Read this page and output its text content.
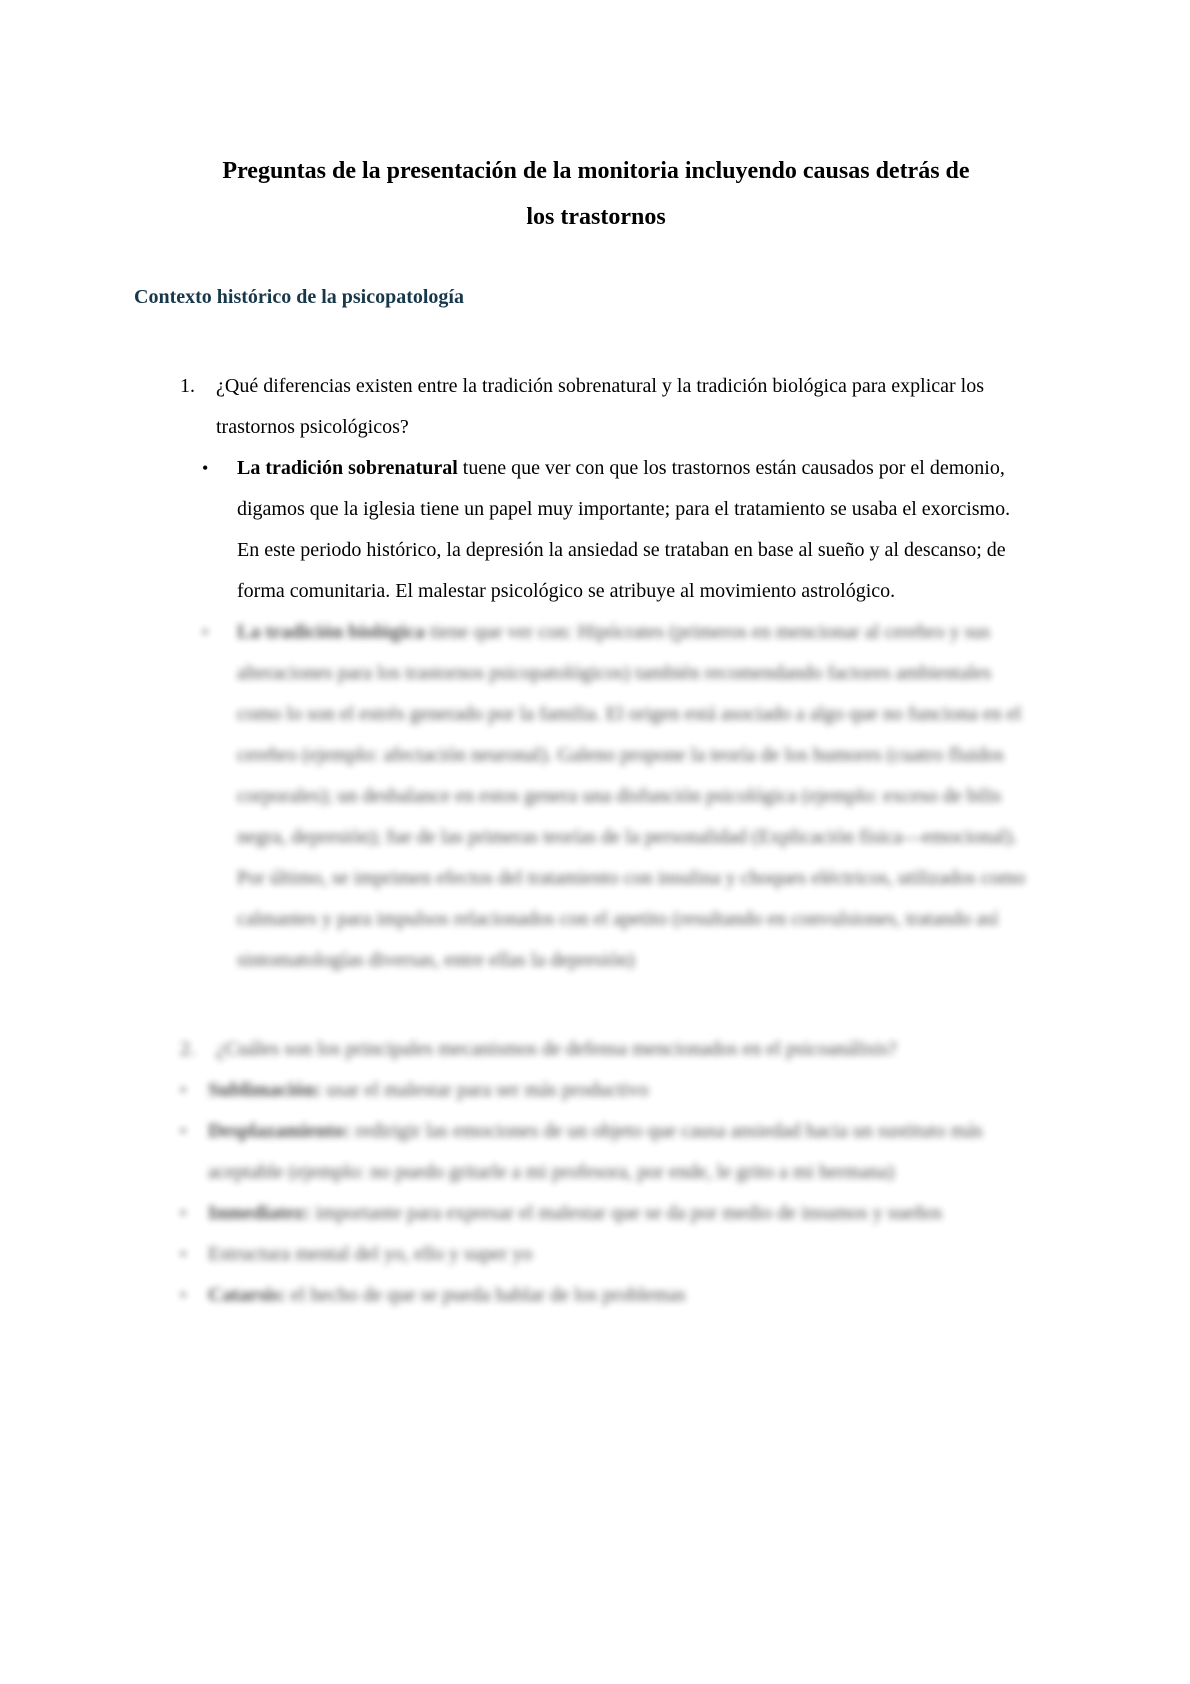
Preguntas de la presentación de la monitoria incluyendo causas detrás de
los trastornos
Contexto histórico de la psicopatología
1.	¿Qué diferencias existen entre la tradición sobrenatural y la tradición biológica para explicar los trastornos psicológicos?
•	La tradición sobrenatural tuene que ver con que los trastornos están causados por el demonio, digamos que la iglesia tiene un papel muy importante; para el tratamiento se usaba el exorcismo. En este periodo histórico, la depresión la ansiedad se trataban en base al sueño y al descanso; de forma comunitaria. El malestar psicológico se atribuye al movimiento astrológico.
•	La tradición biológica tiene que ver con: Hipócrates (primeros en mencionar al cerebro y sus alteraciones para los trastornos psicopatológicos) también recomendando factores ambientales como lo son el estrés generado por la familia. El origen está asociado a algo que no funciona en el cerebro (ejemplo: afectación neuronal). Galeno propone la teoría de los humores (cuatro fluidos corporales); un desbalance en estos genera una disfunción psicológica (ejemplo: exceso de bilis negra, depresión); fue de las primeras teorías de la personalidad (Explicación física—emocional). Por último, se imprimen efectos del tratamiento con insulina y choques eléctricos, utilizados como calmantes y para impulsos relacionados con el apetito (resultando en convulsiones, tratando así sintomatologías diversas, entre ellas la depresión)
2.	¿Cuáles son los principales mecanismos de defensa mencionados en el psicoanálisis?
•	Sublimación: usar el malestar para ser más productivo
•	Desplazamiento: redirigir las emociones de un objeto que causa ansiedad hacia un sustituto más aceptable (ejemplo: no puedo gritarle a mi profesora, por ende, le grito a mi hermana)
•	Inmediatez: importante para expresar el malestar que se da por medio de insumos y sueños
•	Estructura mental del yo, ello y super yo
•	Catarsis: el hecho de que se pueda hablar de los problemas
